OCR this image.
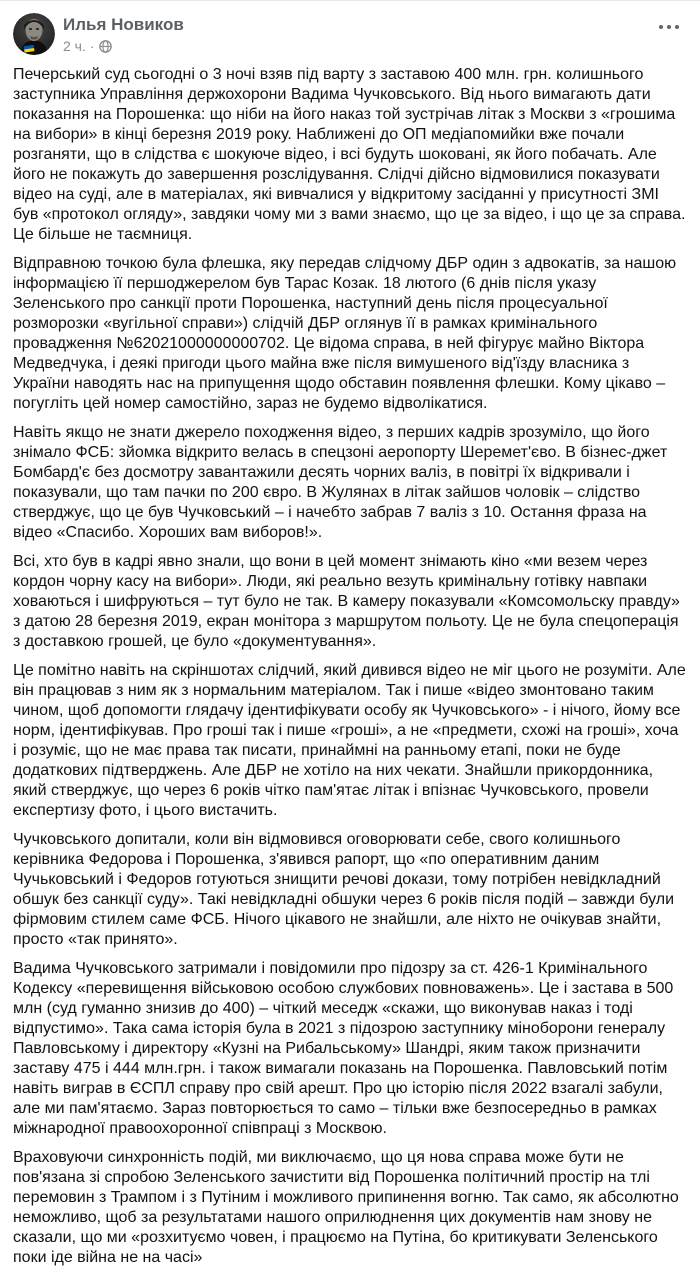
Илья Новиков
2 ч. ·

Печерський суд сьогодні о 3 ночі взяв під варту з заставою 400 млн. грн. колишнього заступника Управління держохорони Вадима Чучковського. Від нього вимагають дати показання на Порошенка: що ніби на його наказ той зустрічав літак з Москви з «грошима на вибори» в кінці березня 2019 року. Наближені до ОП медіапомийки вже почали розганяти, що в слідства є шокуюче відео, і всі будуть шоковані, як його побачать. Але його не покажуть до завершення розслідування. Слідчі дійсно відмовилися показувати відео на суді, але в матеріалах, які вивчалися у відкритому засіданні у присутності ЗМІ був «протокол огляду», завдяки чому ми з вами знаємо, що це за відео, і що це за справа. Це більше не таємниця.

Відправною точкою була флешка, яку передав слідчому ДБР один з адвокатів, за нашою інформацією її першоджерелом був Тарас Козак. 18 лютого (6 днів після указу Зеленського про санкції проти Порошенка, наступний день після процесуальної розморозки «вугільної справи») слідчій ДБР оглянув її в рамках кримінального провадження №62021000000000702. Це відома справа, в ней фігурує майно Віктора Медведчука, і деякі пригоди цього майна вже після вимушеного від'їзду власника з України наводять нас на припущення щодо обставин появлення флешки. Кому цікаво – погугліть цей номер самостійно, зараз не будемо відволікатися.

Навіть якщо не знати джерело походження відео, з перших кадрів зрозуміло, що його знімало ФСБ: зйомка відкрито велась в спецзоні аеропорту Шеремет'єво. В бізнес-джет Бомбард'є без досмотру завантажили десять чорних валіз, в повітрі їх відкривали і показували, що там пачки по 200 євро. В Жулянах в літак зайшов чоловік – слідство стверджує, що це був Чучковський – і начебто забрав 7 валіз з 10. Остання фраза на відео «Спасибо. Хороших вам виборов!».

Всі, хто був в кадрі явно знали, що вони в цей момент знімають кіно «ми везем через кордон чорну касу на вибори». Люди, які реально везуть кримінальну готівку навпаки ховаються і шифруються – тут було не так. В камеру показували «Комсомольску правду» з датою 28 березня 2019, екран монітора з маршрутом польоту. Це не була спецоперація з доставкою грошей, це було «документування».

Це помітно навіть на скріншотах слідчий, який дивився відео не міг цього не розуміти. Але він працював з ним як з нормальним матеріалом. Так і пише «відео змонтовано таким чином, щоб допомогти глядачу ідентифікувати особу як Чучковського» - і нічого, йому все норм, ідентифікував. Про гроші так і пише «гроші», а не «предмети, схожі на гроші», хоча і розуміє, що не має права так писати, принаймні на ранньому етапі, поки не буде додаткових підтверджень. Але ДБР не хотіло на них чекати. Знайшли прикордонника, який стверджує, що через 6 років чітко пам'ятає літак і впізнає Чучковського, провели експертизу фото, і цього вистачить.

Чучковського допитали, коли він відмовився оговорювати себе, свого колишнього керівника Федорова і Порошенка, з'явився рапорт, що «по оперативним даним Чучьковський і Федоров готуються знищити речові докази, тому потрібен невідкладний обшук без санкції суду». Такі невідкладні обшуки через 6 років після подій – завжди були фірмовим стилем саме ФСБ. Нічого цікавого не знайшли, але ніхто не очікував знайти, просто «так принято».

Вадима Чучковського затримали і повідомили про підозру за ст. 426-1 Кримінального Кодексу «перевищення військовою особою службових повноважень». Це і застава в 500 млн (суд гуманно знизив до 400) – чіткий меседж «скажи, що виконував наказ і тоді відпустимо». Така сама історія була в 2021 з підозрою заступнику міноборони генералу Павловському і директору «Кузні на Рибальському» Шандрі, яким також призначити заставу 475 і 444 млн.грн. і також вимагали показань на Порошенка. Павловський потім навіть виграв в ЄСПЛ справу про свій арешт. Про цю історію після 2022 взагалі забули, але ми пам'ятаємо. Зараз повторюється то само – тільки вже безпосередньо в рамках міжнародної правоохоронної співпраці з Москвою.

Враховуючи синхронність подій, ми виключаємо, що ця нова справа може бути не пов'язана зі спробою Зеленського зачистити від Порошенка політичний простір на тлі перемовин з Трампом і з Путіним і можливого припинення вогню. Так само, як абсолютно неможливо, щоб за результатами нашого оприлюднення цих документів нам знову не сказали, що ми «розхитуємо човен, і працюємо на Путіна, бо критикувати Зеленського поки іде війна не на часі»
